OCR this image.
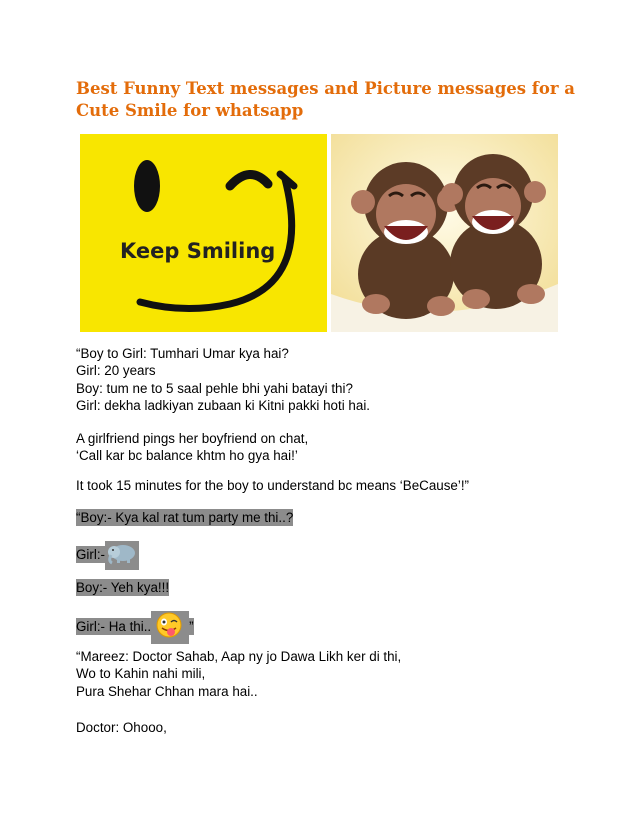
Best Funny Text messages and Picture messages for a Cute Smile for whatsapp
Keep Smiling

“Boy to Girl: Tumhari Umar kya hai?

Girl: 20 years

Boy: tum ne to 5 saal pehle bhi yahi batayi thi?

Girl: dekha ladkiyan zubaan ki Kitni pakki hoti hai.

A girlfriend pings her boyfriend on chat,

‘Call kar bc balance khtm ho gya hai!’

It took 15 minutes for the boy to understand bc means ‘BeCause’!”

“Boy:- Kya kal rat tum party me thi..?
Girl:-
Boy:- Yeh kya!!!
Girl:- Ha thi..	”

“Mareez: Doctor Sahab, Aap ny jo Dawa Likh ker di thi,

Wo to Kahin nahi mili,

Pura Shehar Chhan mara hai..

Doctor: Ohooo,
